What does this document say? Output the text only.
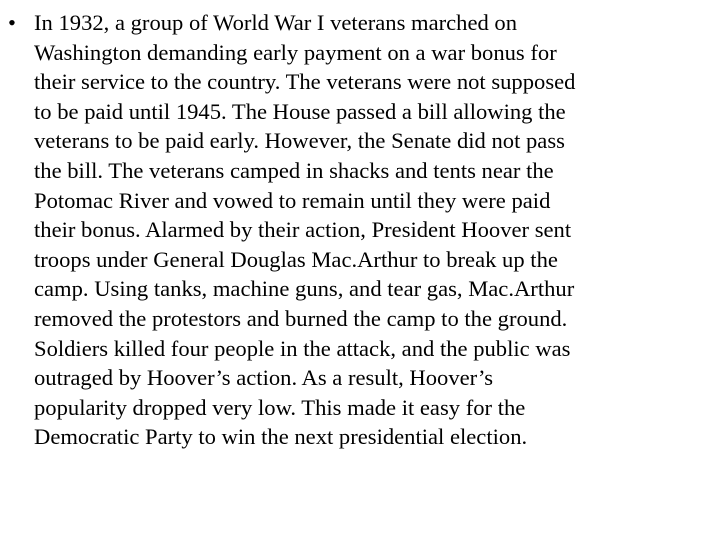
• In 1932, a group of World War I veterans marched on
Washington demanding early payment on a war bonus for
their service to the country. The veterans were not supposed
to be paid until 1945. The House passed a bill allowing the
veterans to be paid early. However, the Senate did not pass
the bill. The veterans camped in shacks and tents near the
Potomac River and vowed to remain until they were paid
their bonus. Alarmed by their action, President Hoover sent
troops under General Douglas Mac.Arthur to break up the
camp. Using tanks, machine guns, and tear gas, Mac.Arthur
removed the protestors and burned the camp to the ground.
Soldiers killed four people in the attack, and the public was
outraged by Hoover’s action. As a result, Hoover’s
popularity dropped very low. This made it easy for the
Democratic Party to win the next presidential election.
